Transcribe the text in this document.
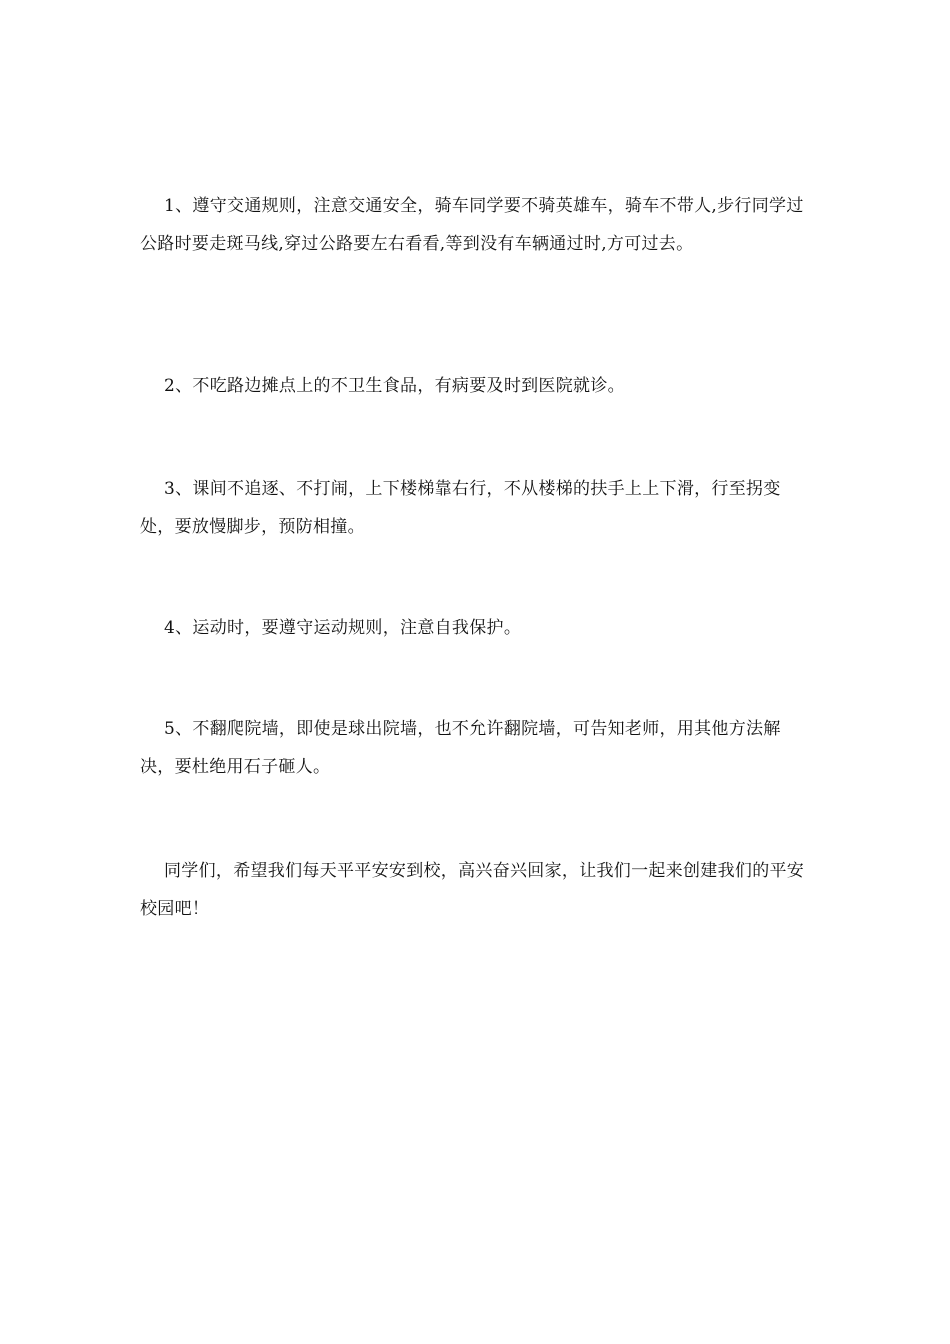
1、遵守交通规则，注意交通安全，骑车同学要不骑英雄车，骑车不带人,步行同学过公路时要走斑马线,穿过公路要左右看看,等到没有车辆通过时,方可过去。

2、不吃路边摊点上的不卫生食品，有病要及时到医院就诊。

3、课间不追逐、不打闹，上下楼梯靠右行，不从楼梯的扶手上上下滑，行至拐变处，要放慢脚步，预防相撞。

4、运动时，要遵守运动规则，注意自我保护。

5、不翻爬院墙，即使是球出院墙，也不允许翻院墙，可告知老师，用其他方法解决，要杜绝用石子砸人。

同学们，希望我们每天平平安安到校，高兴奋兴回家，让我们一起来创建我们的平安校园吧！
